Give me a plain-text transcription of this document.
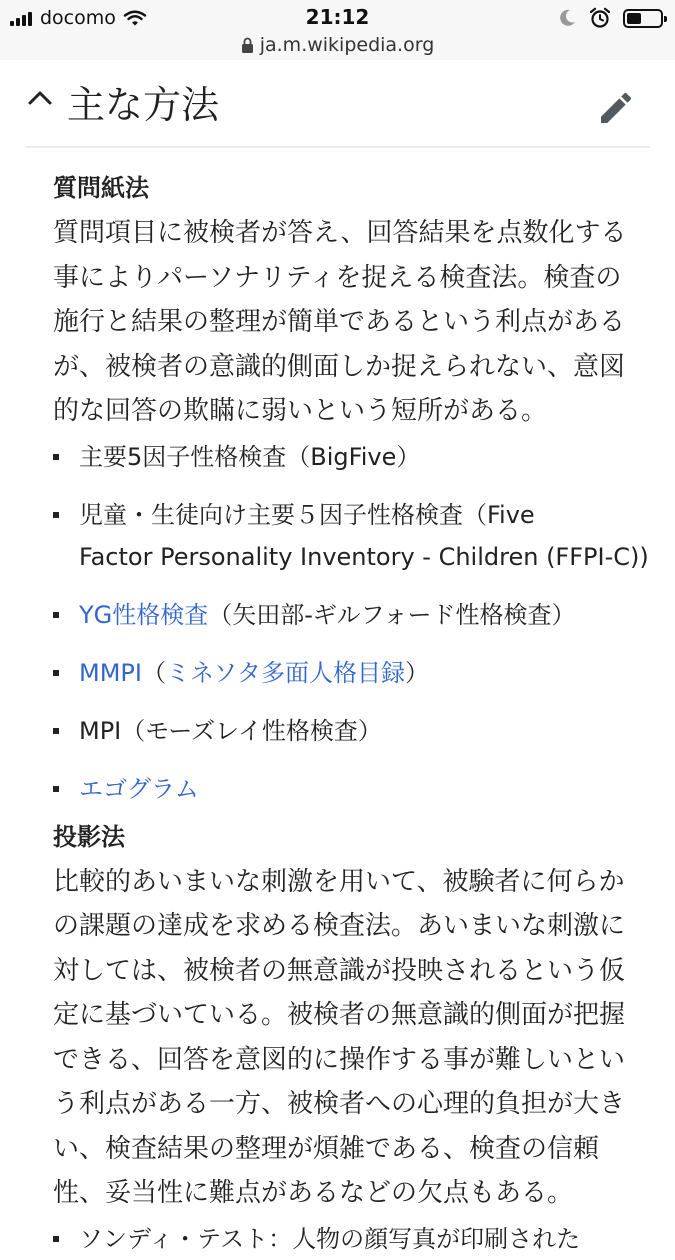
docomo	21:12
ja.m.wikipedia.org
主な方法
質問紙法
質問項目に被検者が答え、回答結果を点数化する
事によりパーソナリティを捉える検査法。検査の
施行と結果の整理が簡単であるという利点がある
が、被検者の意識的側面しか捉えられない、意図
的な回答の欺瞞に弱いという短所がある。
主要5因子性格検査（BigFive）
児童・生徒向け主要５因子性格検査（Five
Factor Personality Inventory - Children (FFPI-C))
YG性格検査（矢田部-ギルフォード性格検査）
MMPI（ミネソタ多面人格目録）
MPI（モーズレイ性格検査）
エゴグラム
投影法
比較的あいまいな刺激を用いて、被験者に何らか
の課題の達成を求める検査法。あいまいな刺激に
対しては、被検者の無意識が投映されるという仮
定に基づいている。被検者の無意識的側面が把握
できる、回答を意図的に操作する事が難しいとい
う利点がある一方、被検者への心理的負担が大き
い、検査結果の整理が煩雑である、検査の信頼
性、妥当性に難点があるなどの欠点もある。
ソンディ・テスト：人物の顔写真が印刷された
